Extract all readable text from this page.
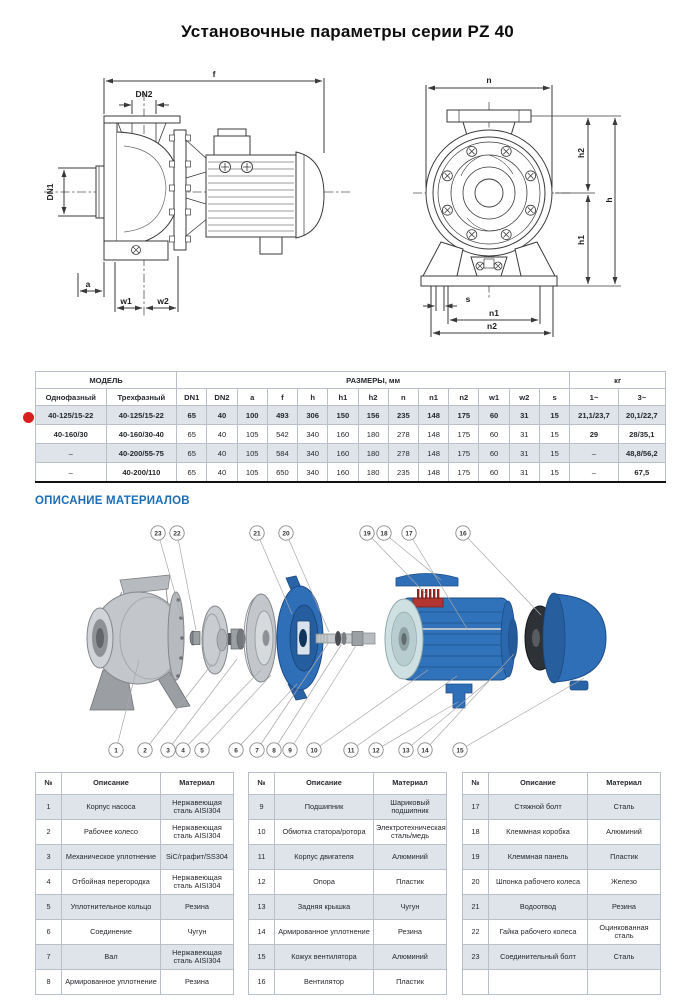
Установочные параметры серии PZ 40
f
DN2
DN1
a
w1	w2
n
h2
h
h1
s
n1
n2
МОДЕЛЬ		РАЗМЕРЫ, мм													кг	
Однофазный	Трехфазный	DN1	DN2	a	f	h	h1	h2	n	n1	n2	w1	w2	s	1~	3~
40-125/15-22	40-125/15-22	65	40	100	493	306	150	156	235	148	175	60	31	15	21,1/23,7	20,1/22,7
40-160/30	40-160/30-40	65	40	105	542	340	160	180	278	148	175	60	31	15	29	28/35,1
–	40-200/55-75	65	40	105	584	340	160	180	278	148	175	60	31	15	–	48,8/56,2
–	40-200/110	65	40	105	650	340	160	180	235	148	175	60	31	15	–	67,5
ОПИСАНИЕ МАТЕРИАЛОВ
23 22	21	20	19 18	17	16
1	2	3 4 5	6	7 8 9	10	11	12	13 14	15
№	Описание	Материал
1	Корпус насоса	Нержавеющая сталь AISI304
2	Рабочее колесо	Нержавеющая сталь AISI304
3	Механическое уплотнение	SiC/графит/SS304
4	Отбойная перегородка	Нержавеющая сталь AISI304
5	Уплотнительное кольцо	Резина
6	Соединение	Чугун
7	Вал	Нержавеющая сталь AISI304
8	Армированное уплотнение	Резина
№	Описание	Материал
9	Подшипник	Шариковый подшипник
10	Обмотка статора/ротора	Электротехническая сталь/медь
11	Корпус двигателя	Алюминий
12	Опора	Пластик
13	Задняя крышка	Чугун
14	Армированное уплотнение	Резина
15	Кожух вентилятора	Алюминий
16	Вентилятор	Пластик
№	Описание	Материал
17	Стяжной болт	Сталь
18	Клеммная коробка	Алюминий
19	Клеммная панель	Пластик
20	Шпонка рабочего колеса	Железо
21	Водоотвод	Резина
22	Гайка рабочего колеса	Оцинкованная сталь
23	Соединительный болт	Сталь
